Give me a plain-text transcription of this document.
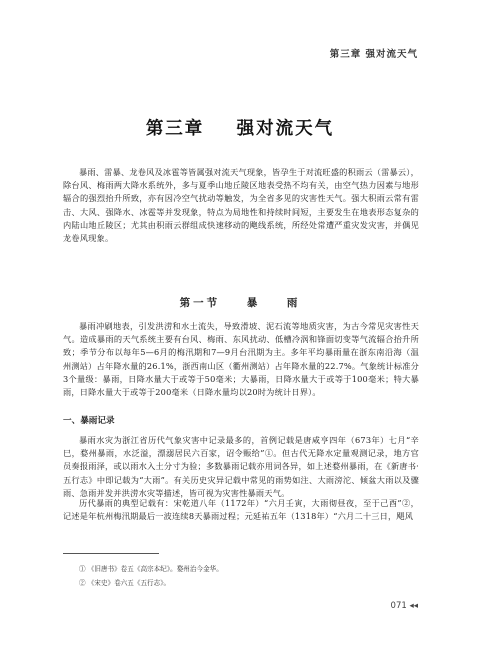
第三章 强对流天气
第三章    强对流天气

暴雨、雷暴、龙卷风及冰雹等皆属强对流天气现象，皆孕生于对流旺盛的积雨云（雷暴云），除台风、梅雨两大降水系统外，多与夏季山地丘陵区地表受热不均有关，由空气热力因素与地形辐合的强烈抬升所致，亦有因冷空气扰动等触发，为全省多见的灾害性天气。强大积雨云常有雷击、大风、强降水、冰雹等并发现象，特点为局地性和持续时间短，主要发生在地表形态复杂的内陆山地丘陵区；尤其由积雨云群组成快速移动的飑线系统，所经处常遭严重灾发灾害，并偶见龙卷风现象。

第一节    暴    雨

暴雨冲刷地表，引发洪涝和水土流失，导致滑坡、泥石流等地质灾害，为古今常见灾害性天气。造成暴雨的天气系统主要有台风、梅雨、东风扰动、低槽冷涡和锋面切变等气流辐合抬升所致；季节分布以每年5—6月的梅汛期和7—9月台汛期为主。多年平均暴雨量在浙东南沿海（温州测站）占年降水量的26.1%，浙西南山区（衢州测站）占年降水量的22.7%。气象统计标准分3个量级：暴雨，日降水量大于或等于50毫米；大暴雨，日降水量大于或等于100毫米；特大暴雨，日降水量大于或等于200毫米（日降水量均以20时为统计日界）。

一、暴雨记录

暴雨水灾为浙江省历代气象灾害中记录最多的，首例记载是唐咸亨四年（673年）七月“辛巳，婺州暴雨，水泛溢，漂溺居民六百家，诏令赈给”①。但古代无降水定量观测记录，地方官员奏报雨泽，或以雨水入土分寸为验；多数暴雨记载亦用词各异，如上述婺州暴雨，在《新唐书·五行志》中即记载为“大雨”。有关历史灾异记载中常见的雨势如注、大雨滂沱、倾盆大雨以及骤雨、急雨并发并洪涝水灾等描述，皆可视为灾害性暴雨天气。

历代暴雨的典型记载有：宋乾道八年（1172年）“六月壬寅，大雨彻昼夜，至于己酉”②，记述是年杭州梅汛期最后一波连续8天暴雨过程；元延祐五年（1318年）“六月二十三日，飓风

① 《旧唐书》卷五《高宗本纪》。婺州治今金华。
② 《宋史》卷六五《五行志》。
071 ◂◂
